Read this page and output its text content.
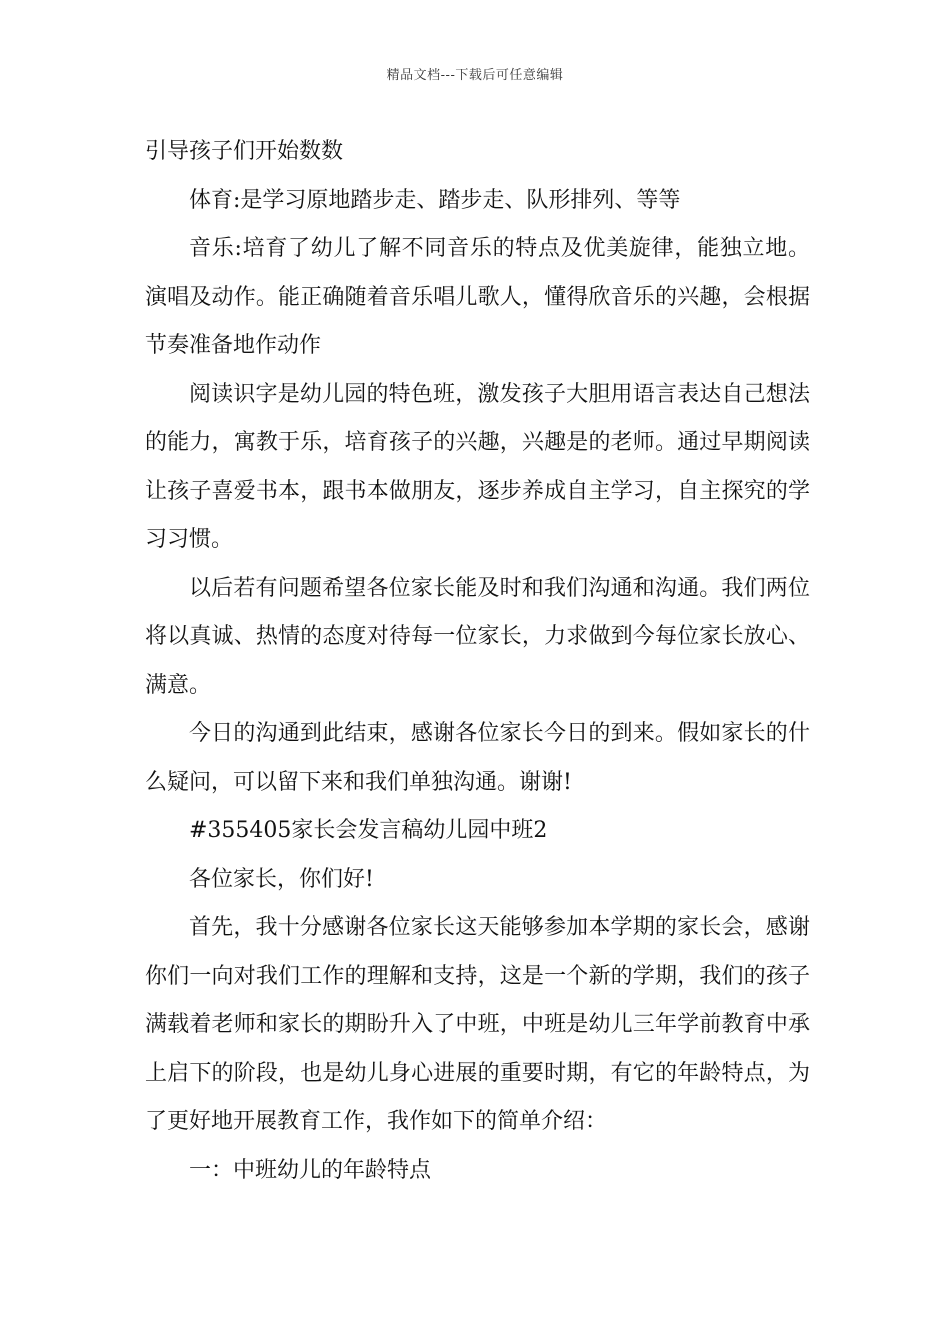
精品文档---下载后可任意编辑

引导孩子们开始数数

体育:是学习原地踏步走、踏步走、队形排列、等等

音乐:培育了幼儿了解不同音乐的特点及优美旋律，能独立地。演唱及动作。能正确随着音乐唱儿歌人，懂得欣音乐的兴趣，会根据节奏准备地作动作

阅读识字是幼儿园的特色班，激发孩子大胆用语言表达自己想法的能力，寓教于乐，培育孩子的兴趣，兴趣是的老师。通过早期阅读让孩子喜爱书本，跟书本做朋友，逐步养成自主学习，自主探究的学习习惯。

以后若有问题希望各位家长能及时和我们沟通和沟通。我们两位将以真诚、热情的态度对待每一位家长，力求做到今每位家长放心、满意。

今日的沟通到此结束，感谢各位家长今日的到来。假如家长的什么疑问，可以留下来和我们单独沟通。谢谢!

#355405家长会发言稿幼儿园中班2

各位家长，你们好!

首先，我十分感谢各位家长这天能够参加本学期的家长会，感谢你们一向对我们工作的理解和支持，这是一个新的学期，我们的孩子满载着老师和家长的期盼升入了中班，中班是幼儿三年学前教育中承上启下的阶段，也是幼儿身心进展的重要时期，有它的年龄特点，为了更好地开展教育工作，我作如下的简单介绍：

一：中班幼儿的年龄特点
